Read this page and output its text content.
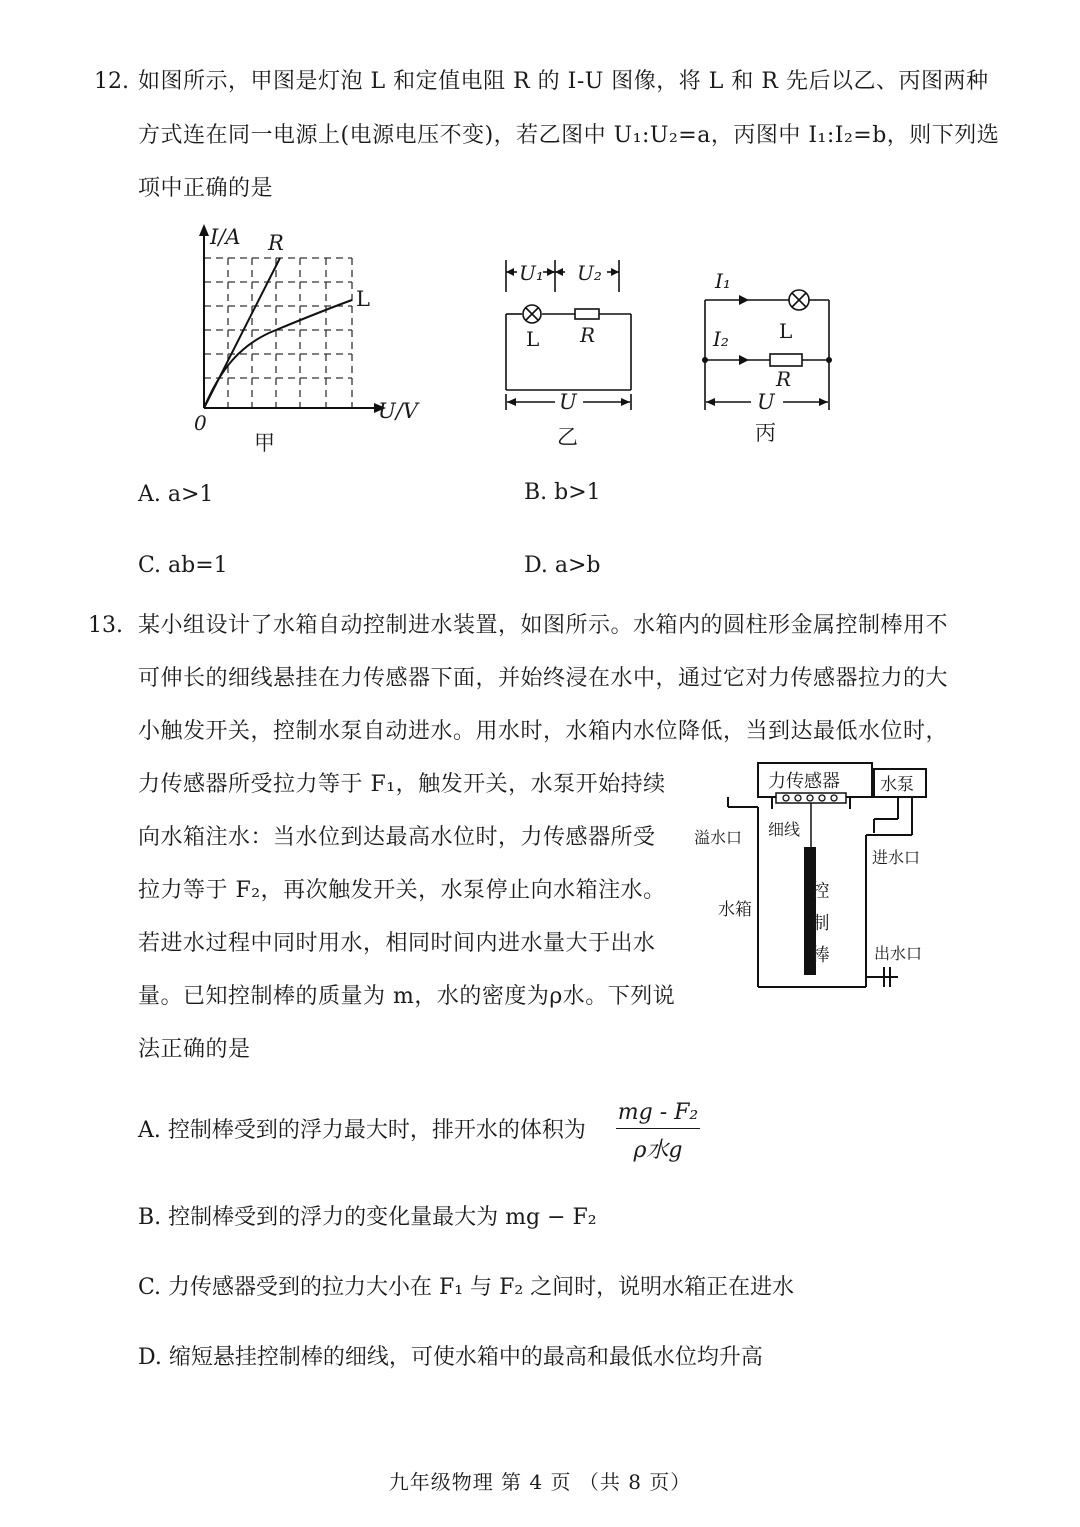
12. 如图所示，甲图是灯泡 L 和定值电阻 R 的 I-U 图像，将 L 和 R 先后以乙、丙图两种
方式连在同一电源上(电源电压不变)，若乙图中 U₁:U₂=a，丙图中 I₁:I₂=b，则下列选
项中正确的是
I/A
U/V
0
R
L
甲
U₁ U₂
L R
U
乙
I₁
I₂	L
R
U
丙
A. a>1	B. b>1
C. ab=1	D. a>b
13. 某小组设计了水箱自动控制进水装置，如图所示。水箱内的圆柱形金属控制棒用不
可伸长的细线悬挂在力传感器下面，并始终浸在水中，通过它对力传感器拉力的大
小触发开关，控制水泵自动进水。用水时，水箱内水位降低，当到达最低水位时，
力传感器所受拉力等于 F₁，触发开关，水泵开始持续
向水箱注水：当水位到达最高水位时，力传感器所受
拉力等于 F₂，再次触发开关，水泵停止向水箱注水。
若进水过程中同时用水，相同时间内进水量大于出水
量。已知控制棒的质量为 m，水的密度为ρ水。下列说
法正确的是
力传感器 水泵
溢水口 细线
进水口
水箱	控制棒	出水口
A. 控制棒受到的浮力最大时，排开水的体积为
mg - F₂
ρ水g
B. 控制棒受到的浮力的变化量最大为 mg − F₂
C. 力传感器受到的拉力大小在 F₁ 与 F₂ 之间时，说明水箱正在进水
D. 缩短悬挂控制棒的细线，可使水箱中的最高和最低水位均升高
九年级物理 第 4 页 （共 8 页）
